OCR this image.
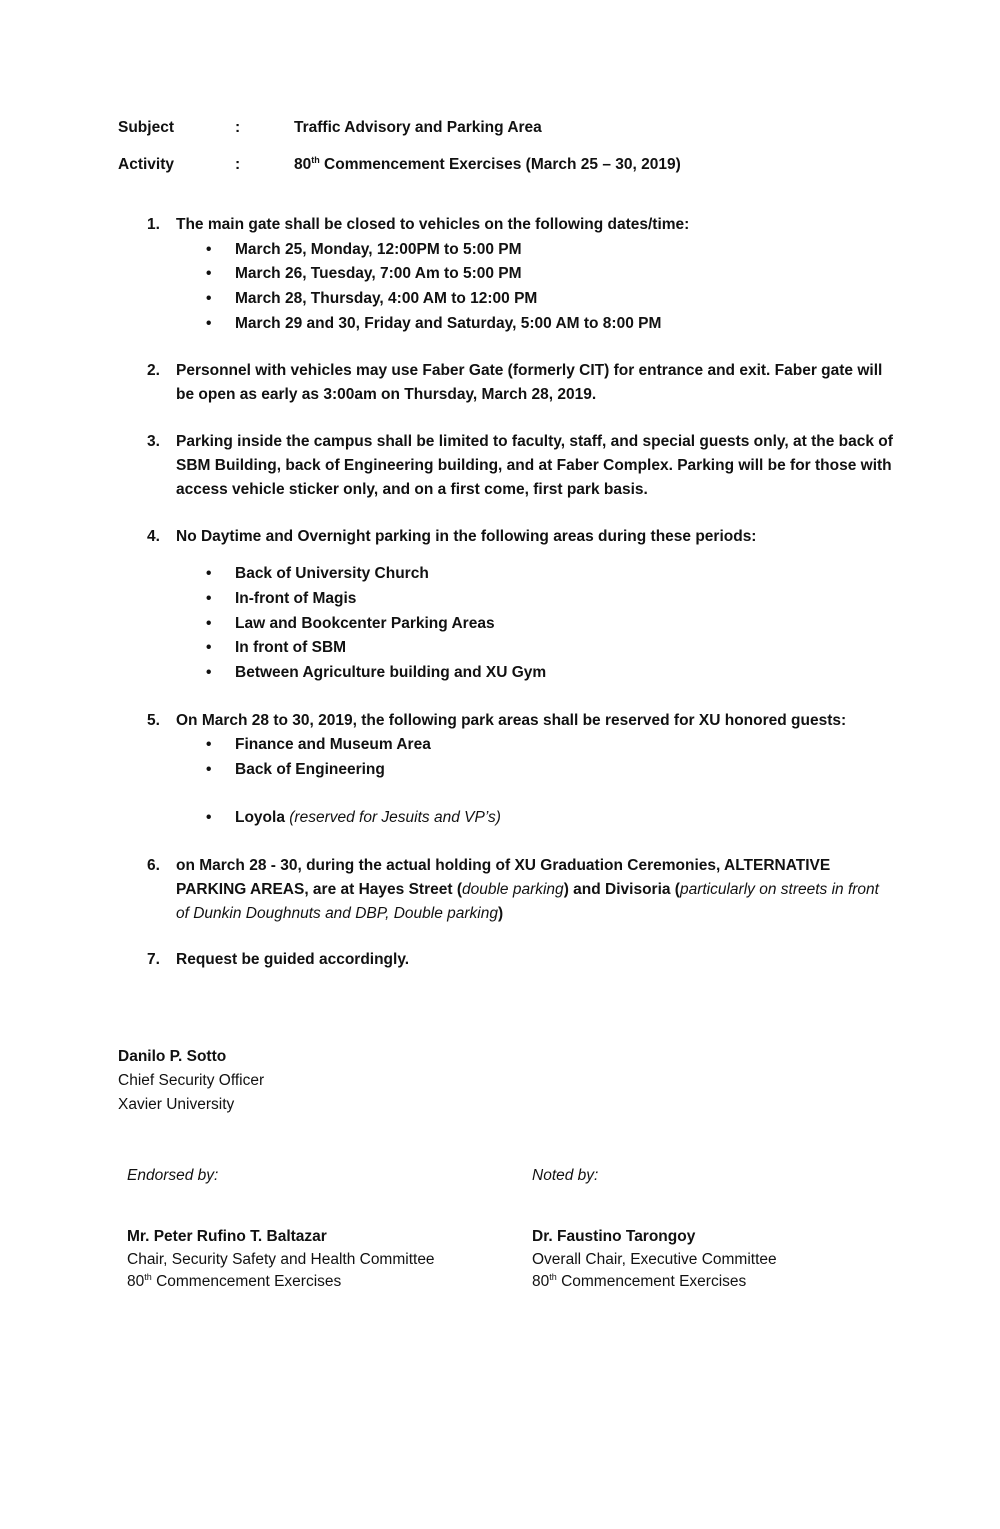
Subject	:	Traffic Advisory and Parking Area
Activity	:	80th Commencement Exercises (March 25 – 30, 2019)
1. The main gate shall be closed to vehicles on the following dates/time:
• March 25, Monday, 12:00PM to 5:00 PM
• March 26, Tuesday, 7:00 Am to 5:00 PM
• March 28, Thursday, 4:00 AM to 12:00 PM
• March 29 and 30, Friday and Saturday, 5:00 AM to 8:00 PM
2. Personnel with vehicles may use Faber Gate (formerly CIT) for entrance and exit. Faber gate will be open as early as 3:00am on Thursday, March 28, 2019.
3. Parking inside the campus shall be limited to faculty, staff, and special guests only, at the back of SBM Building, back of Engineering building, and at Faber Complex. Parking will be for those with access vehicle sticker only, and on a first come, first park basis.
4. No Daytime and Overnight parking in the following areas during these periods:
• Back of University Church
• In-front of Magis
• Law and Bookcenter Parking Areas
• In front of SBM
• Between Agriculture building and XU Gym
5. On March 28 to 30, 2019, the following park areas shall be reserved for XU honored guests:
• Finance and Museum Area
• Back of Engineering
• Loyola (reserved for Jesuits and VP’s)
6. on March 28 - 30, during the actual holding of XU Graduation Ceremonies, ALTERNATIVE PARKING AREAS, are at Hayes Street (double parking) and Divisoria (particularly on streets in front of Dunkin Doughnuts and DBP, Double parking)
7. Request be guided accordingly.
Danilo P. Sotto
Chief Security Officer
Xavier University
Endorsed by:
Mr. Peter Rufino T. Baltazar
Chair, Security Safety and Health Committee
80th Commencement Exercises
Noted by:
Dr. Faustino Tarongoy
Overall Chair, Executive Committee
80th Commencement Exercises
